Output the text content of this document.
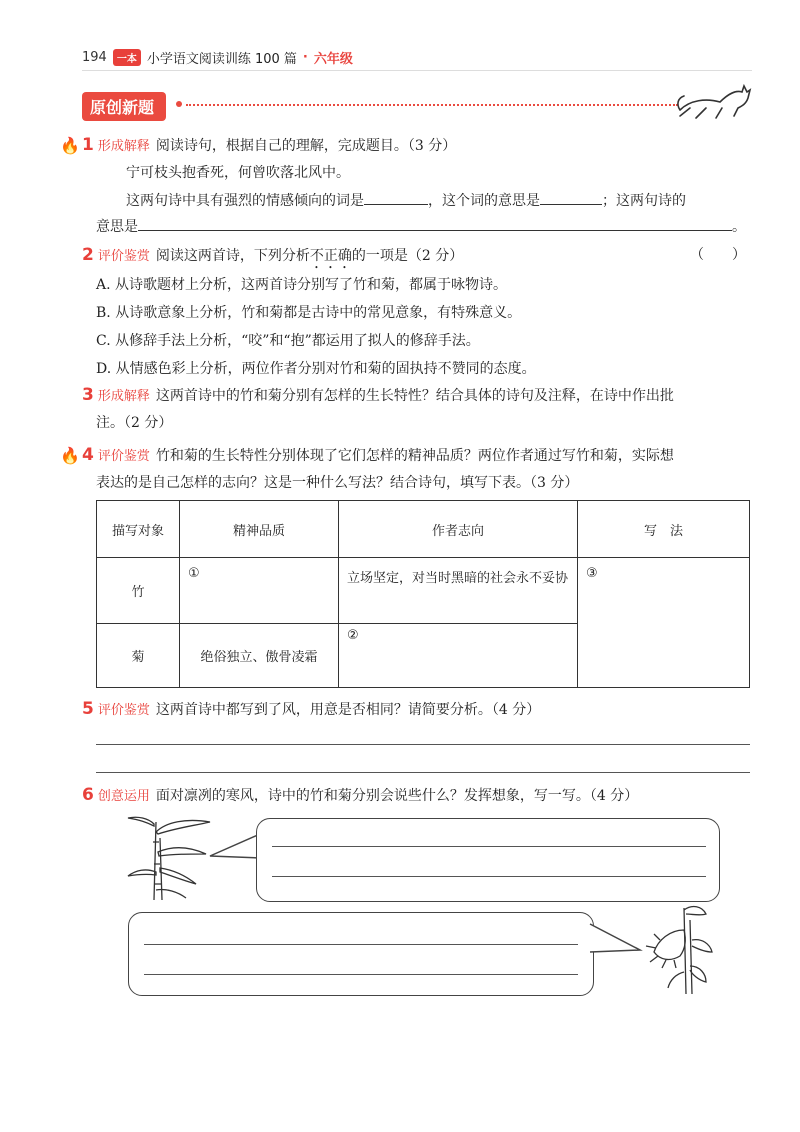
194	一本 小学语文阅读训练 100 篇 · 六年级
原创新题
🔥 1 形成解释 阅读诗句，根据自己的理解，完成题目。（3 分）
宁可枝头抱香死，何曾吹落北风中。
这两句诗中具有强烈的情感倾向的词是	，这个词的意思是	；这两句诗的
意思是	。
2 评价鉴赏 阅读这两首诗，下列分析不正确的一项是（2 分）	（　　）
A. 从诗歌题材上分析，这两首诗分别写了竹和菊，都属于咏物诗。
B. 从诗歌意象上分析，竹和菊都是古诗中的常见意象，有特殊意义。
C. 从修辞手法上分析，“咬”和“抱”都运用了拟人的修辞手法。
D. 从情感色彩上分析，两位作者分别对竹和菊的固执持不赞同的态度。
3 形成解释 这两首诗中的竹和菊分别有怎样的生长特性？结合具体的诗句及注释，在诗中作出批
注。（2 分）
🔥 4 评价鉴赏 竹和菊的生长特性分别体现了它们怎样的精神品质？两位作者通过写竹和菊，实际想
表达的是自己怎样的志向？这是一种什么写法？结合诗句，填写下表。（3 分）
描写对象	精神品质	作者志向	写　法
竹	①	立场坚定，对当时黑暗的社会永不妥协	③
菊	绝俗独立、傲骨凌霜	②	
5 评价鉴赏 这两首诗中都写到了风，用意是否相同？请简要分析。（4 分）
6 创意运用 面对凛冽的寒风，诗中的竹和菊分别会说些什么？发挥想象，写一写。（4 分）
